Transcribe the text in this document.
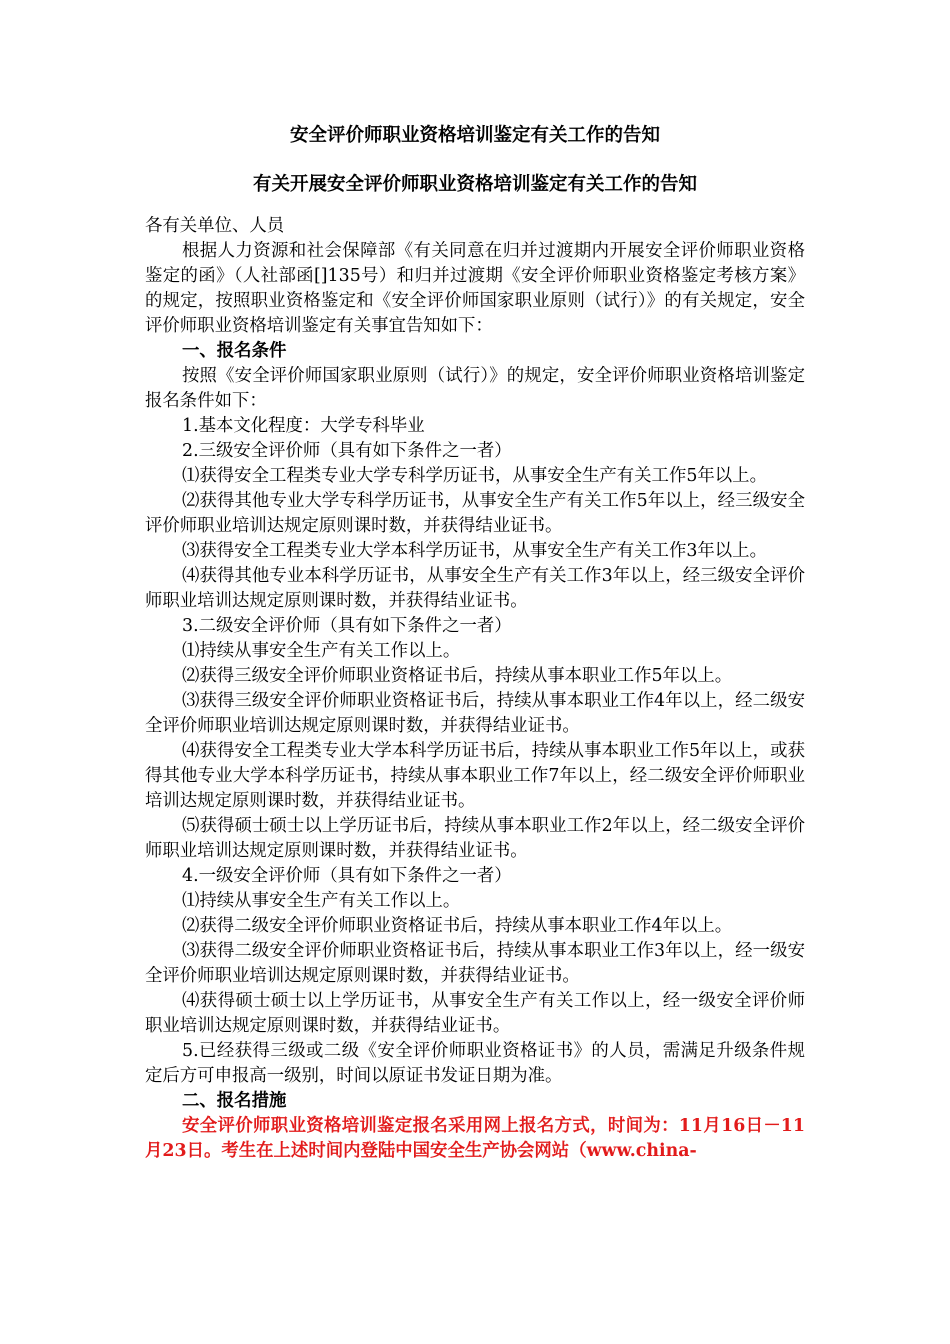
安全评价师职业资格培训鉴定有关工作的告知
有关开展安全评价师职业资格培训鉴定有关工作的告知

各有关单位、人员

根据人力资源和社会保障部《有关同意在归并过渡期内开展安全评价师职业资格鉴定的函》（人社部函[]135号）和归并过渡期《安全评价师职业资格鉴定考核方案》的规定，按照职业资格鉴定和《安全评价师国家职业原则（试行）》的有关规定，安全评价师职业资格培训鉴定有关事宜告知如下：

一、报名条件

按照《安全评价师国家职业原则（试行）》的规定，安全评价师职业资格培训鉴定报名条件如下：

1.基本文化程度：大学专科毕业

2.三级安全评价师（具有如下条件之一者）

⑴获得安全工程类专业大学专科学历证书，从事安全生产有关工作5年以上。

⑵获得其他专业大学专科学历证书，从事安全生产有关工作5年以上，经三级安全评价师职业培训达规定原则课时数，并获得结业证书。

⑶获得安全工程类专业大学本科学历证书，从事安全生产有关工作3年以上。

⑷获得其他专业本科学历证书，从事安全生产有关工作3年以上，经三级安全评价师职业培训达规定原则课时数，并获得结业证书。

3.二级安全评价师（具有如下条件之一者）

⑴持续从事安全生产有关工作以上。

⑵获得三级安全评价师职业资格证书后，持续从事本职业工作5年以上。

⑶获得三级安全评价师职业资格证书后，持续从事本职业工作4年以上，经二级安全评价师职业培训达规定原则课时数，并获得结业证书。

⑷获得安全工程类专业大学本科学历证书后，持续从事本职业工作5年以上，或获得其他专业大学本科学历证书，持续从事本职业工作7年以上，经二级安全评价师职业培训达规定原则课时数，并获得结业证书。

⑸获得硕士硕士以上学历证书后，持续从事本职业工作2年以上，经二级安全评价师职业培训达规定原则课时数，并获得结业证书。

4.一级安全评价师（具有如下条件之一者）

⑴持续从事安全生产有关工作以上。

⑵获得二级安全评价师职业资格证书后，持续从事本职业工作4年以上。

⑶获得二级安全评价师职业资格证书后，持续从事本职业工作3年以上，经一级安全评价师职业培训达规定原则课时数，并获得结业证书。

⑷获得硕士硕士以上学历证书，从事安全生产有关工作以上，经一级安全评价师职业培训达规定原则课时数，并获得结业证书。

5.已经获得三级或二级《安全评价师职业资格证书》的人员，需满足升级条件规定后方可申报高一级别，时间以原证书发证日期为准。

二、报名措施

安全评价师职业资格培训鉴定报名采用网上报名方式，时间为：11月16日－11月23日。考生在上述时间内登陆中国安全生产协会网站（www.china-
